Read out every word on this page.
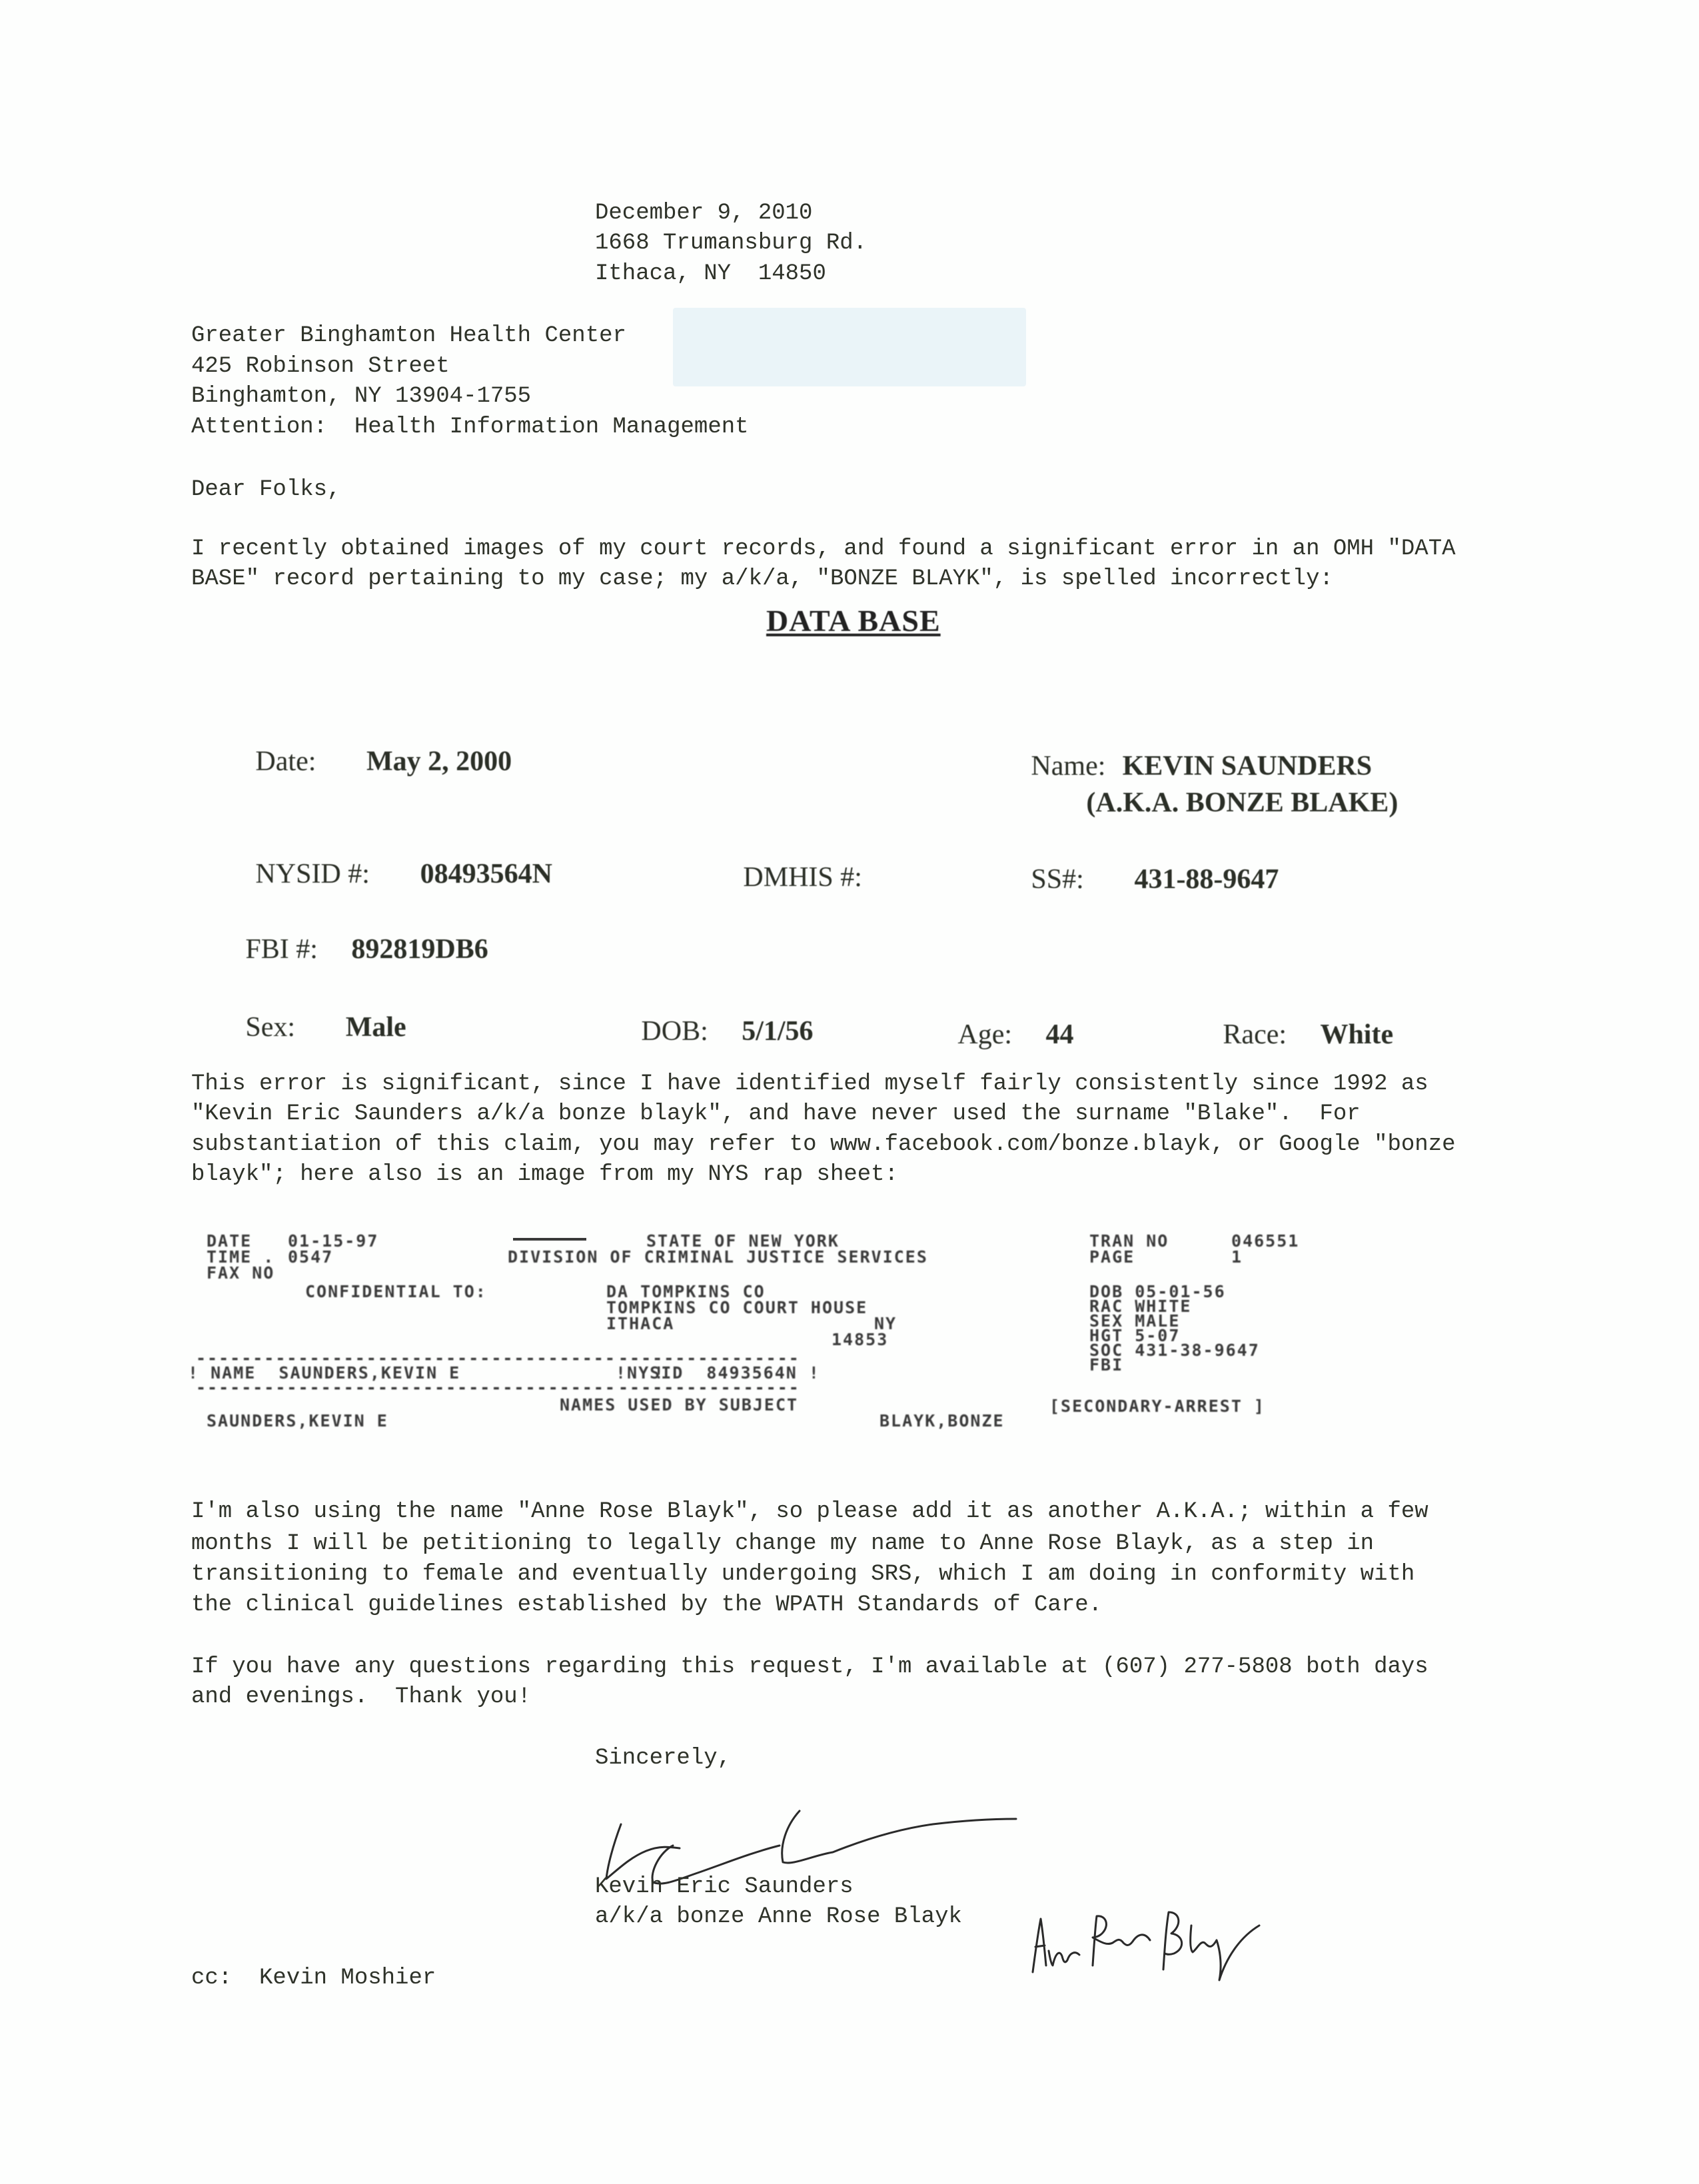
December 9, 2010
1668 Trumansburg Rd.
Ithaca, NY  14850
Greater Binghamton Health Center
425 Robinson Street
Binghamton, NY 13904-1755
Attention:  Health Information Management
Dear Folks,
I recently obtained images of my court records, and found a significant error in an OMH "DATA
BASE" record pertaining to my case; my a/k/a, "BONZE BLAYK", is spelled incorrectly:
DATA BASE

Date: May 2, 2000	Name: KEVIN SAUNDERS

(A.K.A. BONZE BLAKE)

NYSID #: 08493564N	DMHIS #:	SS#: 431-88-9647

FBI #: 892819DB6

Sex: Male	DOB: 5/1/56	Age: 44	Race: White

This error is significant, since I have identified myself fairly consistently since 1992 as
"Kevin Eric Saunders a/k/a bonze blayk", and have never used the surname "Blake".  For
substantiation of this claim, you may refer to www.facebook.com/bonze.blayk, or Google "bonze
blayk"; here also is an image from my NYS rap sheet:
DATE 01-15-97	STATE OF NEW YORK	TRAN NO	046551
TIME . 0547	DIVISION OF CRIMINAL JUSTICE SERVICES	PAGE	1
FAX NO
CONFIDENTIAL TO:	DA TOMPKINS CO
TOMPKINS CO COURT HOUSE
ITHACA	NY
14853
DOB 05-01-56
RAC WHITE
SEX MALE
HGT 5-07
SOC 431-38-9647
FBI
------------------------------------- ----------------
! NAME  SAUNDERS,KEVIN E                 !
!NYSID  8493564N !
------------------------------------- ----------------
NAMES USED BY SUBJECT	[SECONDARY-ARREST ]
SAUNDERS,KEVIN E	BLAYK,BONZE
I'm also using the name "Anne Rose Blayk", so please add it as another A.K.A.; within a few
months I will be petitioning to legally change my name to Anne Rose Blayk, as a step in
transitioning to female and eventually undergoing SRS, which I am doing in conformity with
the clinical guidelines established by the WPATH Standards of Care.
If you have any questions regarding this request, I'm available at (607) 277-5808 both days
and evenings.  Thank you!
Sincerely,
Kevin Eric Saunders
a/k/a bonze Anne Rose Blayk
cc:  Kevin Moshier
